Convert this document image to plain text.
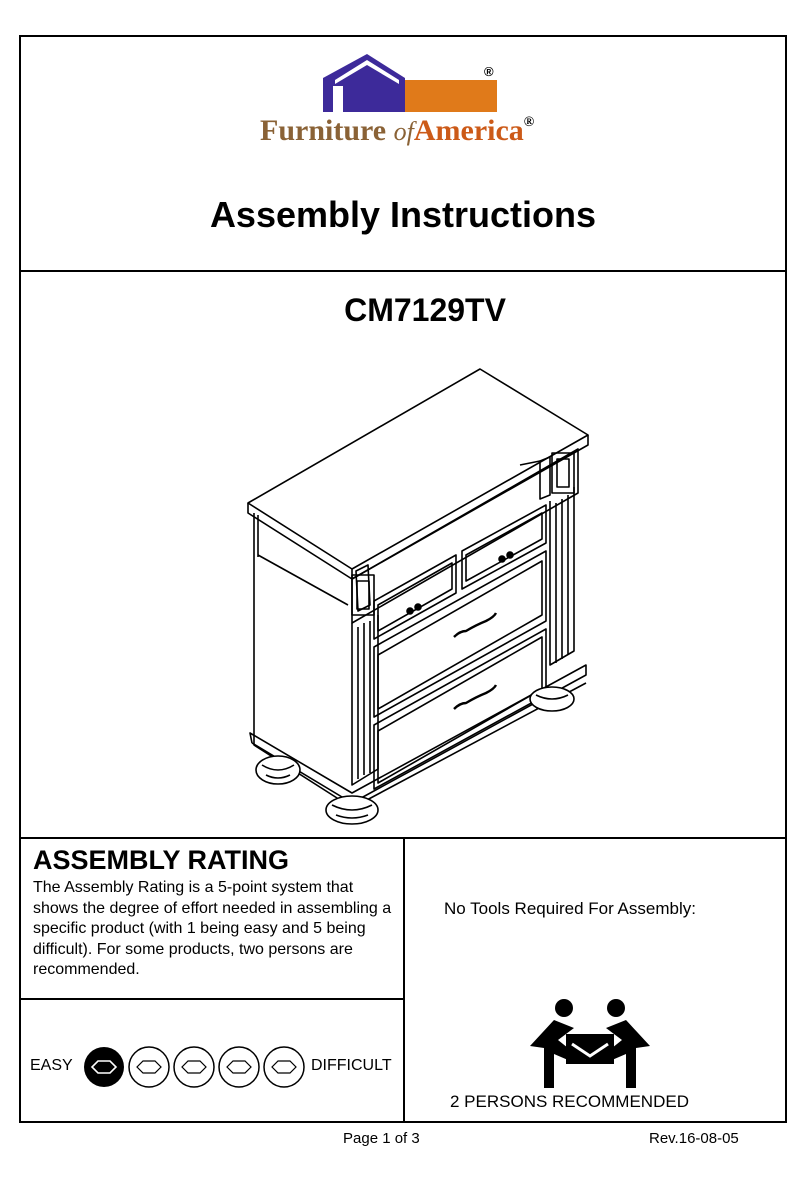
®
Furniture ofAmerica®
Assembly Instructions
CM7129TV
ASSEMBLY RATING
The Assembly Rating is a 5-point system that shows the degree of effort needed in assembling a specific product (with 1 being easy and 5 being difficult). For some products, two persons are recommended.
No Tools Required For Assembly:
EASY	DIFFICULT
2 PERSONS RECOMMENDED
Page 1 of 3	Rev.16-08-05
